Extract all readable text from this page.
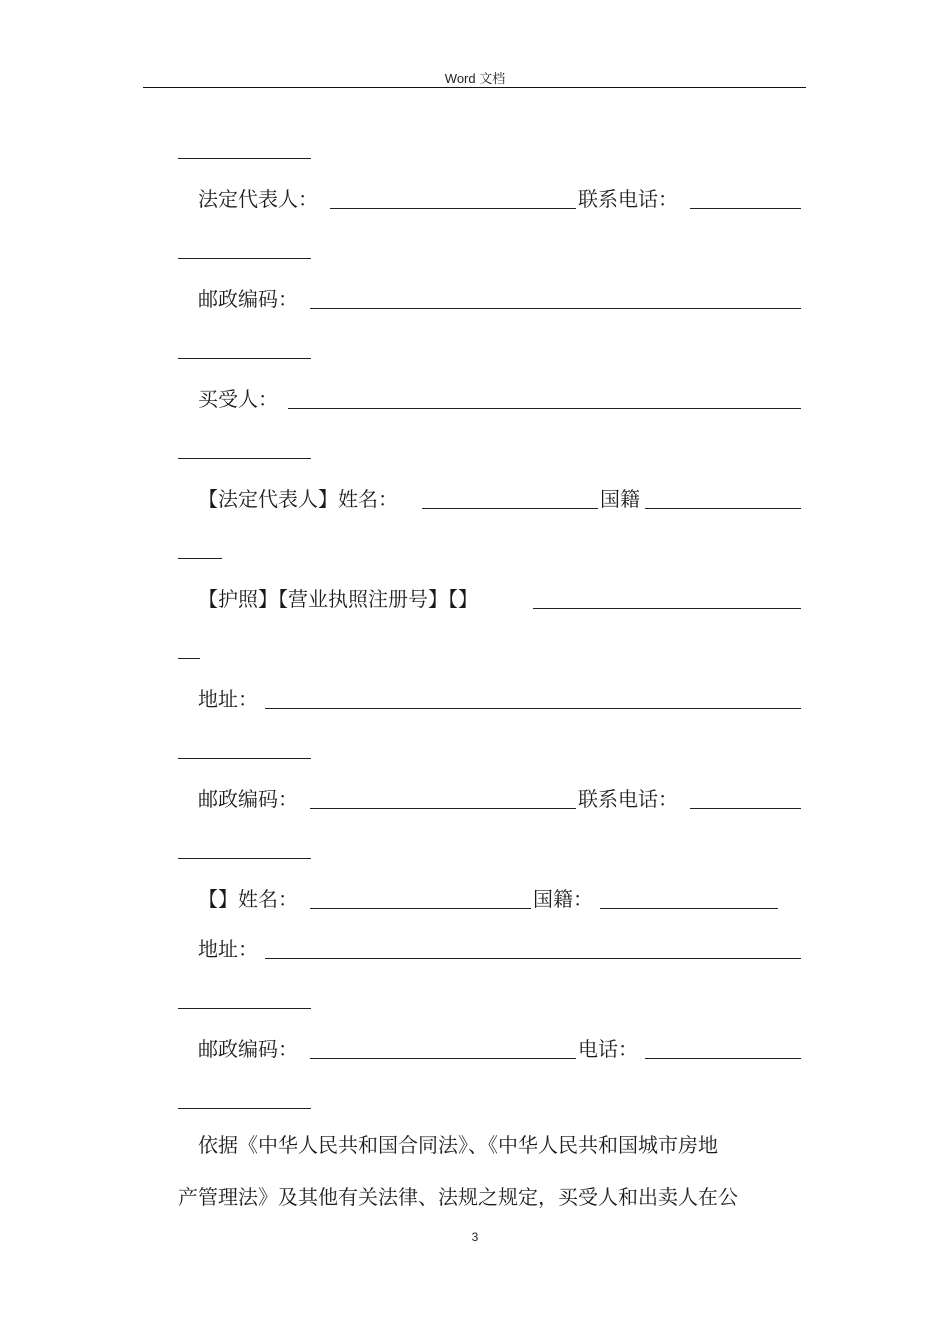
Word 文档
法定代表人：	联系电话：
邮政编码：
买受人：
【法定代表人】姓名：	国籍
【护照】【营业执照注册号】【】
地址：
邮政编码：	联系电话：
【】姓名：	国籍：
地址：
邮政编码：	电话：
依据《中华人民共和国合同法》、《中华人民共和国城市房地
产管理法》及其他有关法律、法规之规定，买受人和出卖人在公
3
